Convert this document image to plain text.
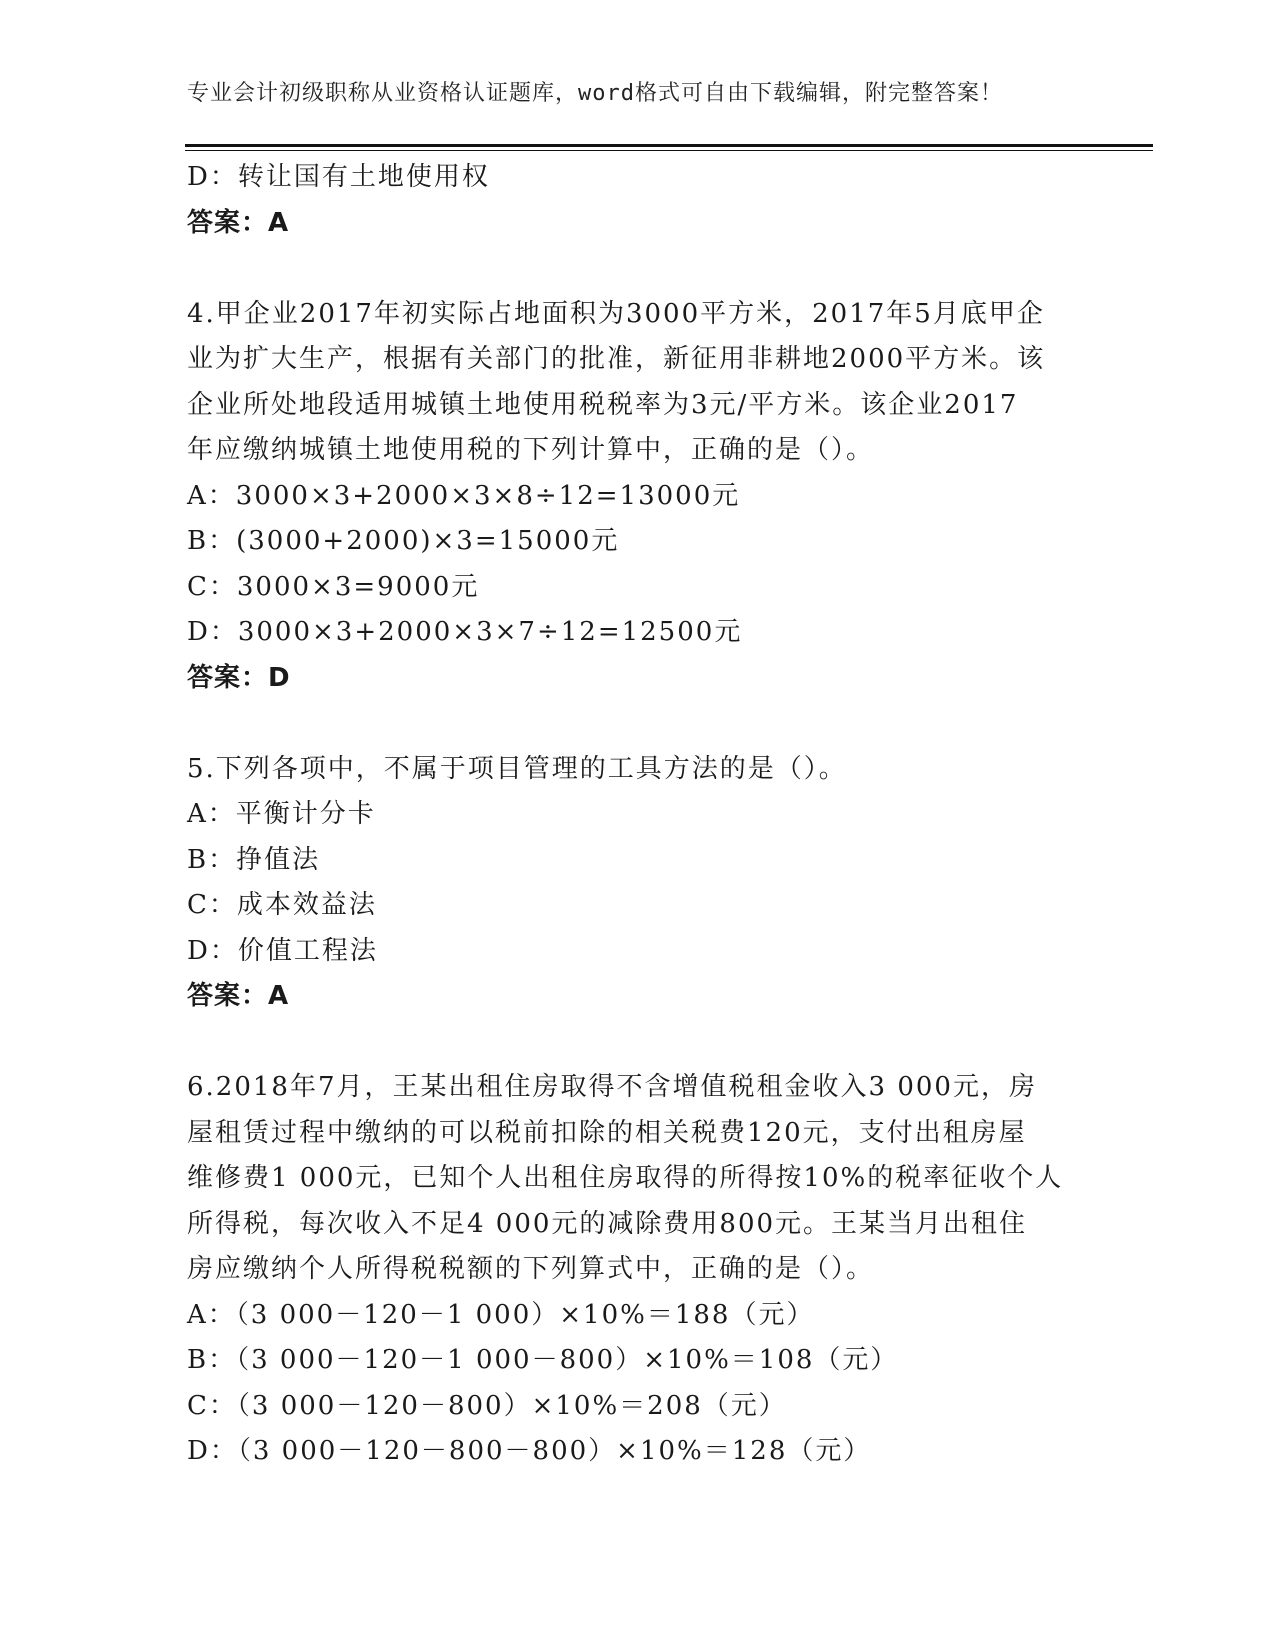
专业会计初级职称从业资格认证题库，word格式可自由下载编辑，附完整答案！
D：转让国有土地使用权
答案：A
4.甲企业2017年初实际占地面积为3000平方米，2017年5月底甲企
业为扩大生产，根据有关部门的批准，新征用非耕地2000平方米。该
企业所处地段适用城镇土地使用税税率为3元/平方米。该企业2017
年应缴纳城镇土地使用税的下列计算中，正确的是（）。
A：3000×3+2000×3×8÷12=13000元
B：(3000+2000)×3=15000元
C：3000×3=9000元
D：3000×3+2000×3×7÷12=12500元
答案：D
5.下列各项中，不属于项目管理的工具方法的是（）。
A：平衡计分卡
B：挣值法
C：成本效益法
D：价值工程法
答案：A
6.2018年7月，王某出租住房取得不含增值税租金收入3 000元，房
屋租赁过程中缴纳的可以税前扣除的相关税费120元，支付出租房屋
维修费1 000元，已知个人出租住房取得的所得按10%的税率征收个人
所得税，每次收入不足4 000元的减除费用800元。王某当月出租住
房应缴纳个人所得税税额的下列算式中，正确的是（）。
A：（3 000－120－1 000）×10%＝188（元）
B：（3 000－120－1 000－800）×10%＝108（元）
C：（3 000－120－800）×10%＝208（元）
D：（3 000－120－800－800）×10%＝128（元）
